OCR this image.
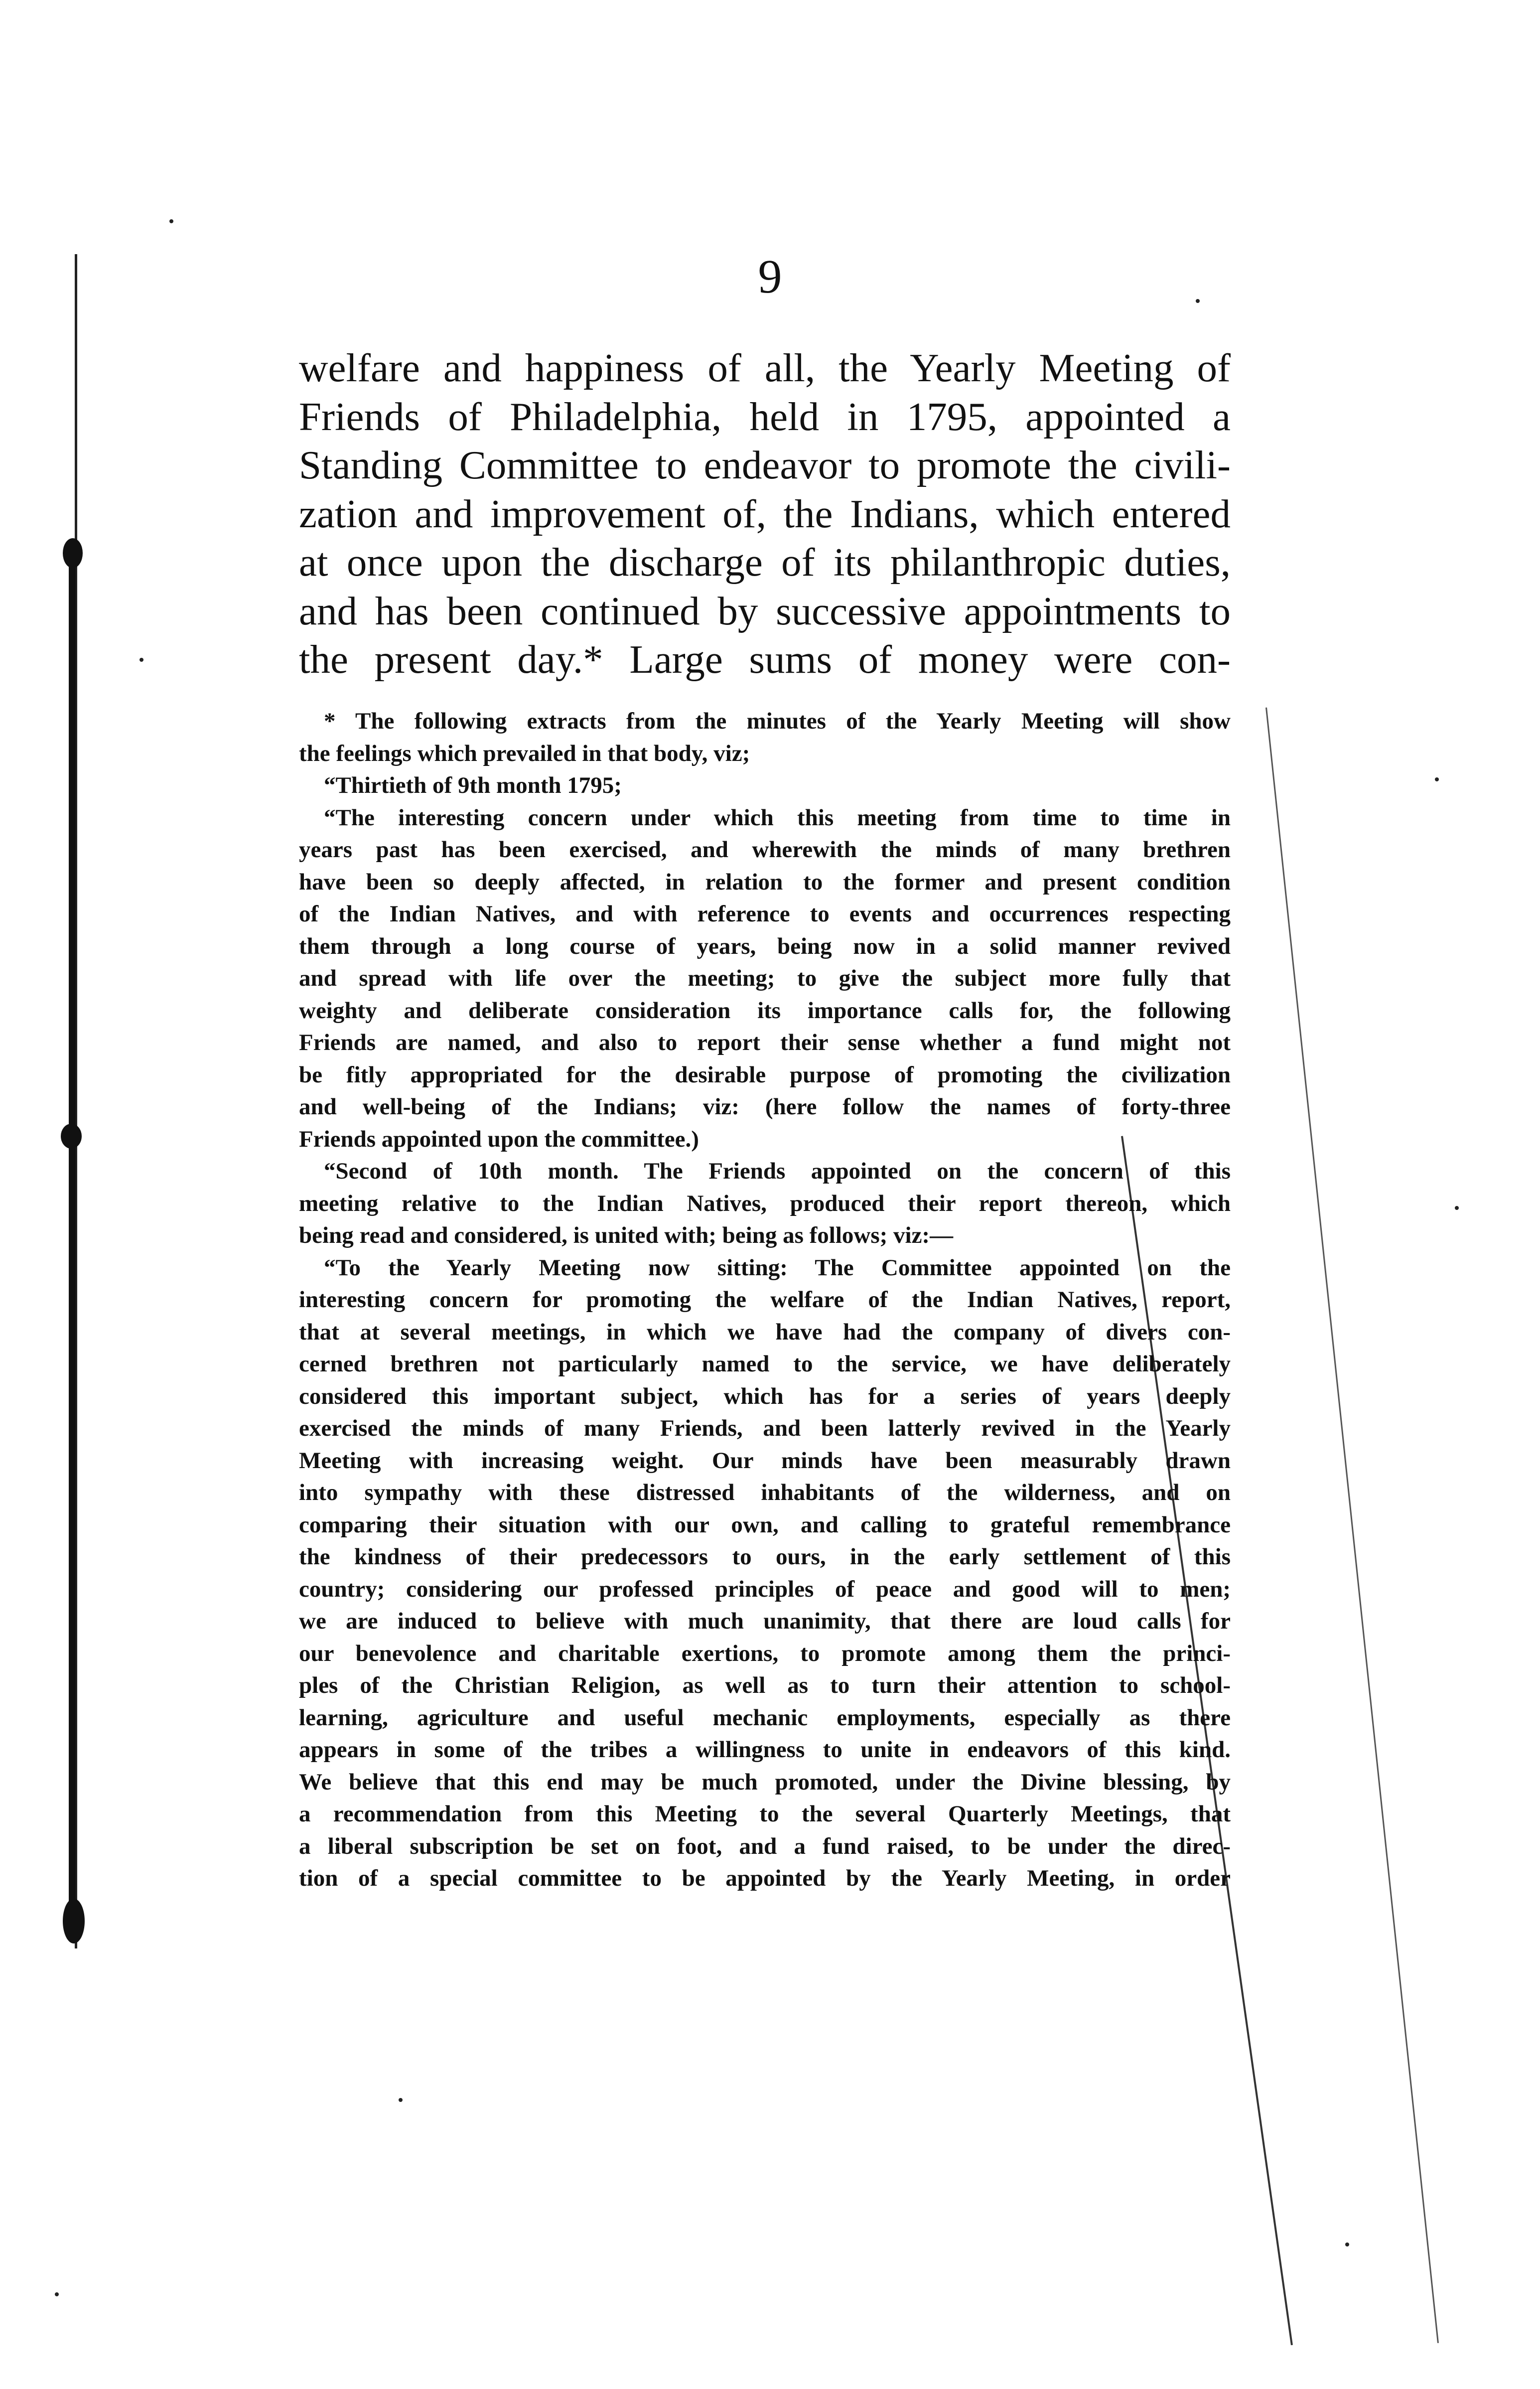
9
welfare and happiness of all, the Yearly Meeting of
Friends of Philadelphia, held in 1795, appointed a
Standing Committee to endeavor to promote the civili-
zation and improvement of, the Indians, which entered
at once upon the discharge of its philanthropic duties,
and has been continued by successive appointments to
the present day.* Large sums of money were con-
* The following extracts from the minutes of the Yearly Meeting will show
the feelings which prevailed in that body, viz;
“Thirtieth of 9th month 1795;
“The interesting concern under which this meeting from time to time in
years past has been exercised, and wherewith the minds of many brethren
have been so deeply affected, in relation to the former and present condition
of the Indian Natives, and with reference to events and occurrences respecting
them through a long course of years, being now in a solid manner revived
and spread with life over the meeting; to give the subject more fully that
weighty and deliberate consideration its importance calls for, the following
Friends are named, and also to report their sense whether a fund might not
be fitly appropriated for the desirable purpose of promoting the civilization
and well-being of the Indians; viz: (here follow the names of forty-three
Friends appointed upon the committee.)
“Second of 10th month. The Friends appointed on the concern of this
meeting relative to the Indian Natives, produced their report thereon, which
being read and considered, is united with; being as follows; viz:—
“To the Yearly Meeting now sitting: The Committee appointed on the
interesting concern for promoting the welfare of the Indian Natives, report,
that at several meetings, in which we have had the company of divers con-
cerned brethren not particularly named to the service, we have deliberately
considered this important subject, which has for a series of years deeply
exercised the minds of many Friends, and been latterly revived in the Yearly
Meeting with increasing weight. Our minds have been measurably drawn
into sympathy with these distressed inhabitants of the wilderness, and on
comparing their situation with our own, and calling to grateful remembrance
the kindness of their predecessors to ours, in the early settlement of this
country; considering our professed principles of peace and good will to men;
we are induced to believe with much unanimity, that there are loud calls for
our benevolence and charitable exertions, to promote among them the princi-
ples of the Christian Religion, as well as to turn their attention to school-
learning, agriculture and useful mechanic employments, especially as there
appears in some of the tribes a willingness to unite in endeavors of this kind.
We believe that this end may be much promoted, under the Divine blessing, by
a recommendation from this Meeting to the several Quarterly Meetings, that
a liberal subscription be set on foot, and a fund raised, to be under the direc-
tion of a special committee to be appointed by the Yearly Meeting, in order
